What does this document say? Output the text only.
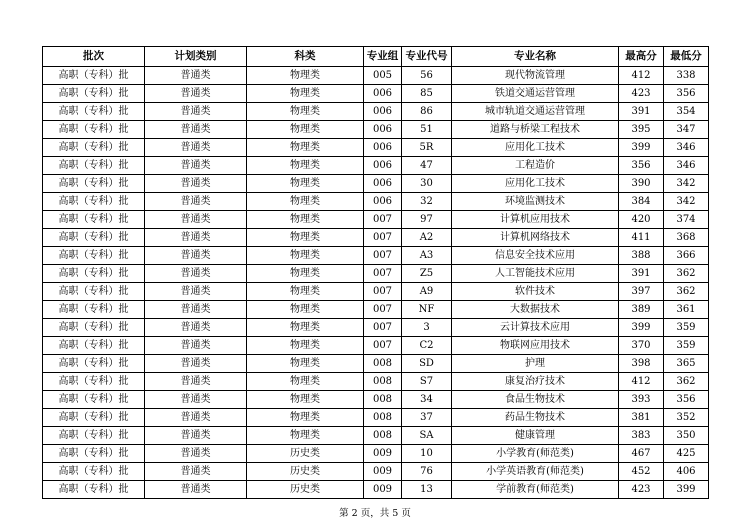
批次	计划类别	科类	专业组	专业代号	专业名称	最高分	最低分
高职（专科）批	普通类	物理类	005	56	现代物流管理	412	338
高职（专科）批	普通类	物理类	006	85	铁道交通运营管理	423	356
高职（专科）批	普通类	物理类	006	86	城市轨道交通运营管理	391	354
高职（专科）批	普通类	物理类	006	51	道路与桥梁工程技术	395	347
高职（专科）批	普通类	物理类	006	5R	应用化工技术	399	346
高职（专科）批	普通类	物理类	006	47	工程造价	356	346
高职（专科）批	普通类	物理类	006	30	应用化工技术	390	342
高职（专科）批	普通类	物理类	006	32	环境监测技术	384	342
高职（专科）批	普通类	物理类	007	97	计算机应用技术	420	374
高职（专科）批	普通类	物理类	007	A2	计算机网络技术	411	368
高职（专科）批	普通类	物理类	007	A3	信息安全技术应用	388	366
高职（专科）批	普通类	物理类	007	Z5	人工智能技术应用	391	362
高职（专科）批	普通类	物理类	007	A9	软件技术	397	362
高职（专科）批	普通类	物理类	007	NF	大数据技术	389	361
高职（专科）批	普通类	物理类	007	3	云计算技术应用	399	359
高职（专科）批	普通类	物理类	007	C2	物联网应用技术	370	359
高职（专科）批	普通类	物理类	008	SD	护理	398	365
高职（专科）批	普通类	物理类	008	S7	康复治疗技术	412	362
高职（专科）批	普通类	物理类	008	34	食品生物技术	393	356
高职（专科）批	普通类	物理类	008	37	药品生物技术	381	352
高职（专科）批	普通类	物理类	008	SA	健康管理	383	350
高职（专科）批	普通类	历史类	009	10	小学教育(师范类)	467	425
高职（专科）批	普通类	历史类	009	76	小学英语教育(师范类)	452	406
高职（专科）批	普通类	历史类	009	13	学前教育(师范类)	423	399
第 2 页，共 5 页
